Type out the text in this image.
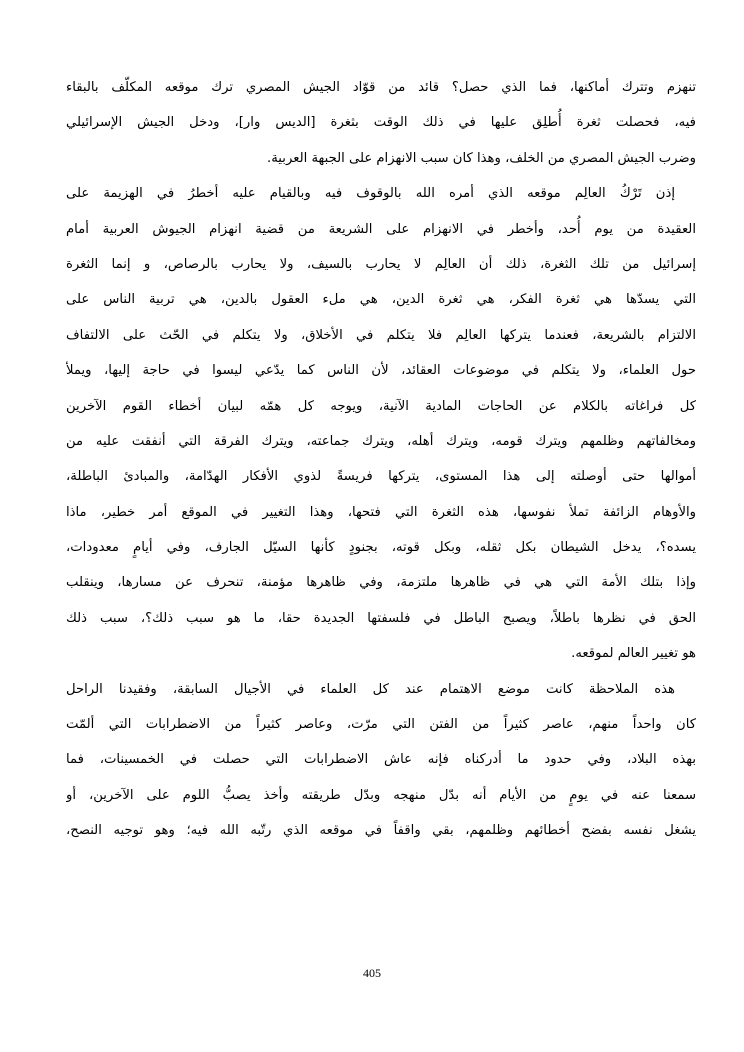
تنهزم وتترك أماكنها، فما الذي حصل؟ قائد من قوّاد الجيش المصري ترك موقعه المكلّف بالبقاء
فيه، فحصلت ثغرة أُطلِق عليها في ذلك الوقت بثغرة [الديس وار]، ودخل الجيش الإسرائيلي
وضرب الجيش المصري من الخلف، وهذا كان سبب الانهزام على الجبهة العربية.
إذن تَرْكُ العالِم موقعه الذي أمره الله بالوقوف فيه وبالقيام عليه أخطرُ في الهزيمة على
العقيدة من يوم أُحد، وأخطر في الانهزام على الشريعة من قضية انهزام الجيوش العربية أمام
إسرائيل من تلك الثغرة، ذلك أن العالِم لا يحارب بالسيف، ولا يحارب بالرصاص، و إنما الثغرة
التي يسدّها هي ثغرة الفكر، هي ثغرة الدين، هي ملء العقول بالدين، هي تربية الناس على
الالتزام بالشريعة، فعندما يتركها العالِم فلا يتكلم في الأخلاق، ولا يتكلم في الحّث على الالتفاف
حول العلماء، ولا يتكلم في موضوعات العقائد، لأن الناس كما يدّعي ليسوا في حاجة إليها، ويملأ
كل فراغاته بالكلام عن الحاجات المادية الآنية، ويوجه كل همّه لبيان أخطاء القوم الآخرين
ومخالفاتهم وظلمهم ويترك قومه، ويترك أهله، ويترك جماعته، ويترك الفرقة التي أنفقت عليه من
أموالها حتى أوصلته إلى هذا المستوى، يتركها فريسةً لذوي الأفكار الهدّامة، والمبادئ الباطلة،
والأوهام الزائفة تملأ نفوسها، هذه الثغرة التي فتحها، وهذا التغيير في الموقع أمر خطير، ماذا
يسده؟، يدخل الشيطان بكل ثقله، وبكل قوته، بجنودٍ كأنها السيّل الجارف، وفي أيامٍ معدودات،
وإذا بتلك الأمة التي هي في ظاهرها ملتزمة، وفي ظاهرها مؤمنة، تنحرف عن مسارها، وينقلب
الحق في نظرها باطلاً، ويصبح الباطل في فلسفتها الجديدة حقا، ما هو سبب ذلك؟، سبب ذلك
هو تغيير العالم لموقعه.
هذه الملاحظة كانت موضع الاهتمام عند كل العلماء في الأجيال السابقة، وفقيدنا الراحل
كان واحداً منهم، عاصر كثيراً من الفتن التي مرّت، وعاصر كثيراً من الاضطرابات التي ألمّت
بهذه البلاد، وفي حدود ما أدركناه فإنه عاش الاضطرابات التي حصلت في الخمسينات، فما
سمعنا عنه في يومٍ من الأيام أنه بدّل منهجه وبدّل طريقته وأخذ يصبُّ اللوم على الآخرين، أو
يشغل نفسه بفضح أخطائهم وظلمهم، بقي واقفاً في موقعه الذي رتّبه الله فيه؛ وهو توجيه النصح،
405
